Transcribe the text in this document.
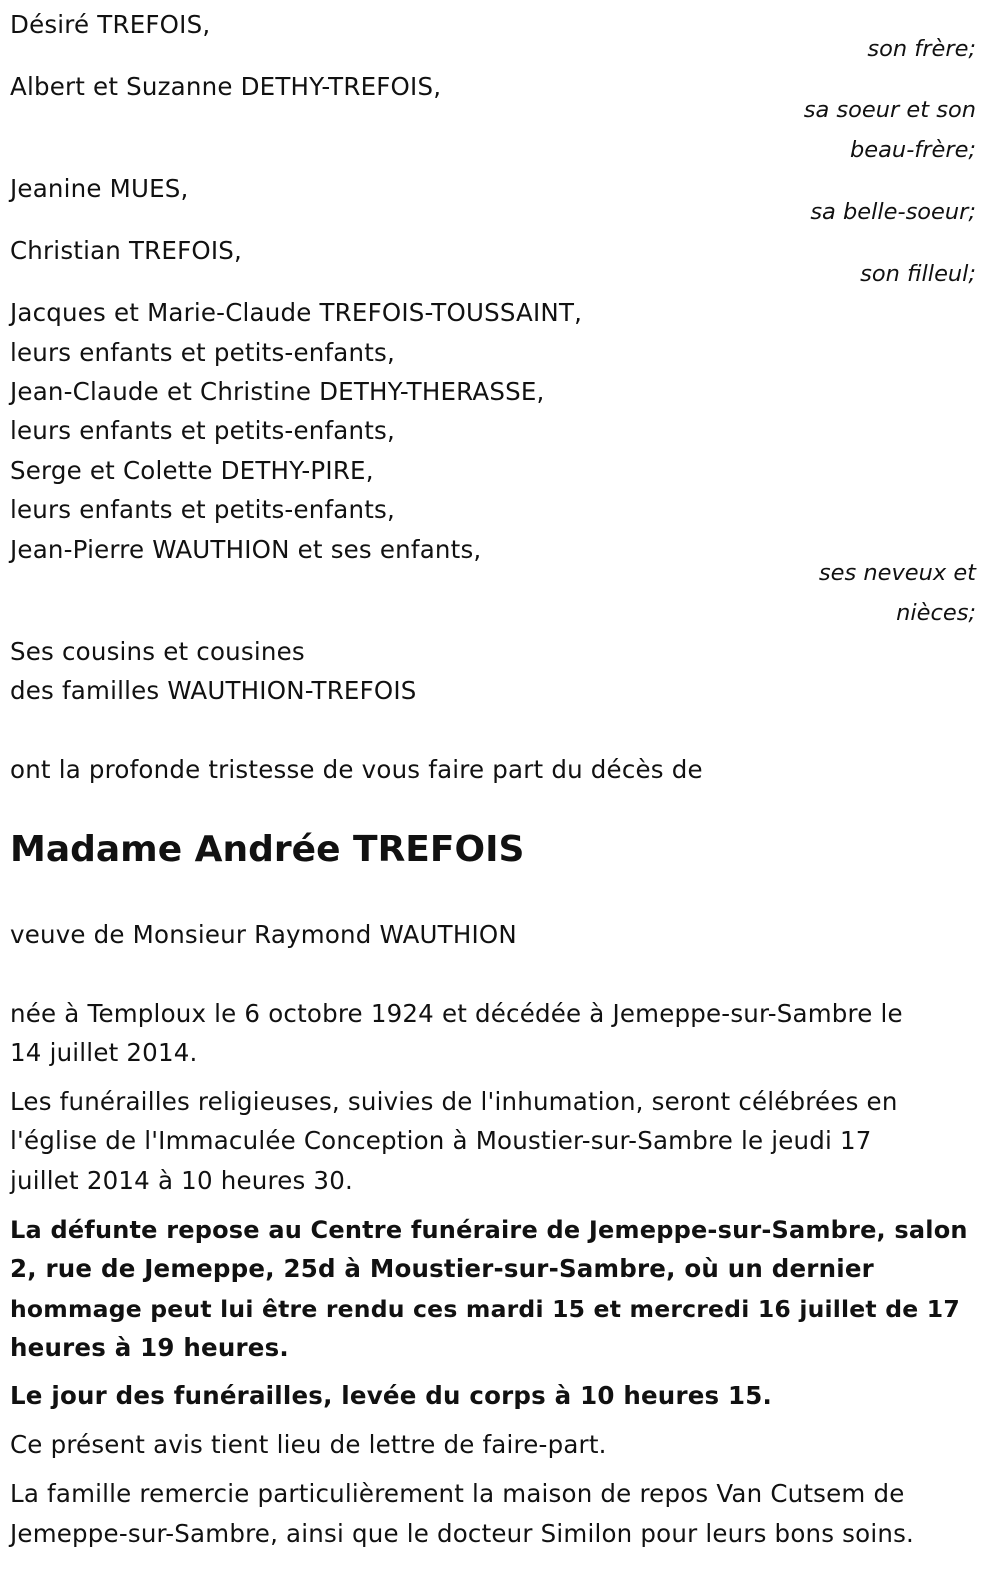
Désiré TREFOIS,
son frère;
Albert et Suzanne DETHY-TREFOIS,
sa soeur et son
beau-frère;
Jeanine MUES,
sa belle-soeur;
Christian TREFOIS,
son filleul;
Jacques et Marie-Claude TREFOIS-TOUSSAINT,
leurs enfants et petits-enfants,
Jean-Claude et Christine DETHY-THERASSE,
leurs enfants et petits-enfants,
Serge et Colette DETHY-PIRE,
leurs enfants et petits-enfants,
Jean-Pierre WAUTHION et ses enfants,
ses neveux et
nièces;
Ses cousins et cousines
des familles WAUTHION-TREFOIS
ont la profonde tristesse de vous faire part du décès de
Madame Andrée TREFOIS
veuve de Monsieur Raymond WAUTHION
née à Temploux le 6 octobre 1924 et décédée à Jemeppe-sur-Sambre le
14 juillet 2014.
Les funérailles religieuses, suivies de l'inhumation, seront célébrées en
l'église de l'Immaculée Conception à Moustier-sur-Sambre le jeudi 17
juillet 2014 à 10 heures 30.
La défunte repose au Centre funéraire de Jemeppe-sur-Sambre, salon
2, rue de Jemeppe, 25d à Moustier-sur-Sambre, où un dernier
hommage peut lui être rendu ces mardi 15 et mercredi 16 juillet de 17
heures à 19 heures.
Le jour des funérailles, levée du corps à 10 heures 15.
Ce présent avis tient lieu de lettre de faire-part.
La famille remercie particulièrement la maison de repos Van Cutsem de
Jemeppe-sur-Sambre, ainsi que le docteur Similon pour leurs bons soins.
